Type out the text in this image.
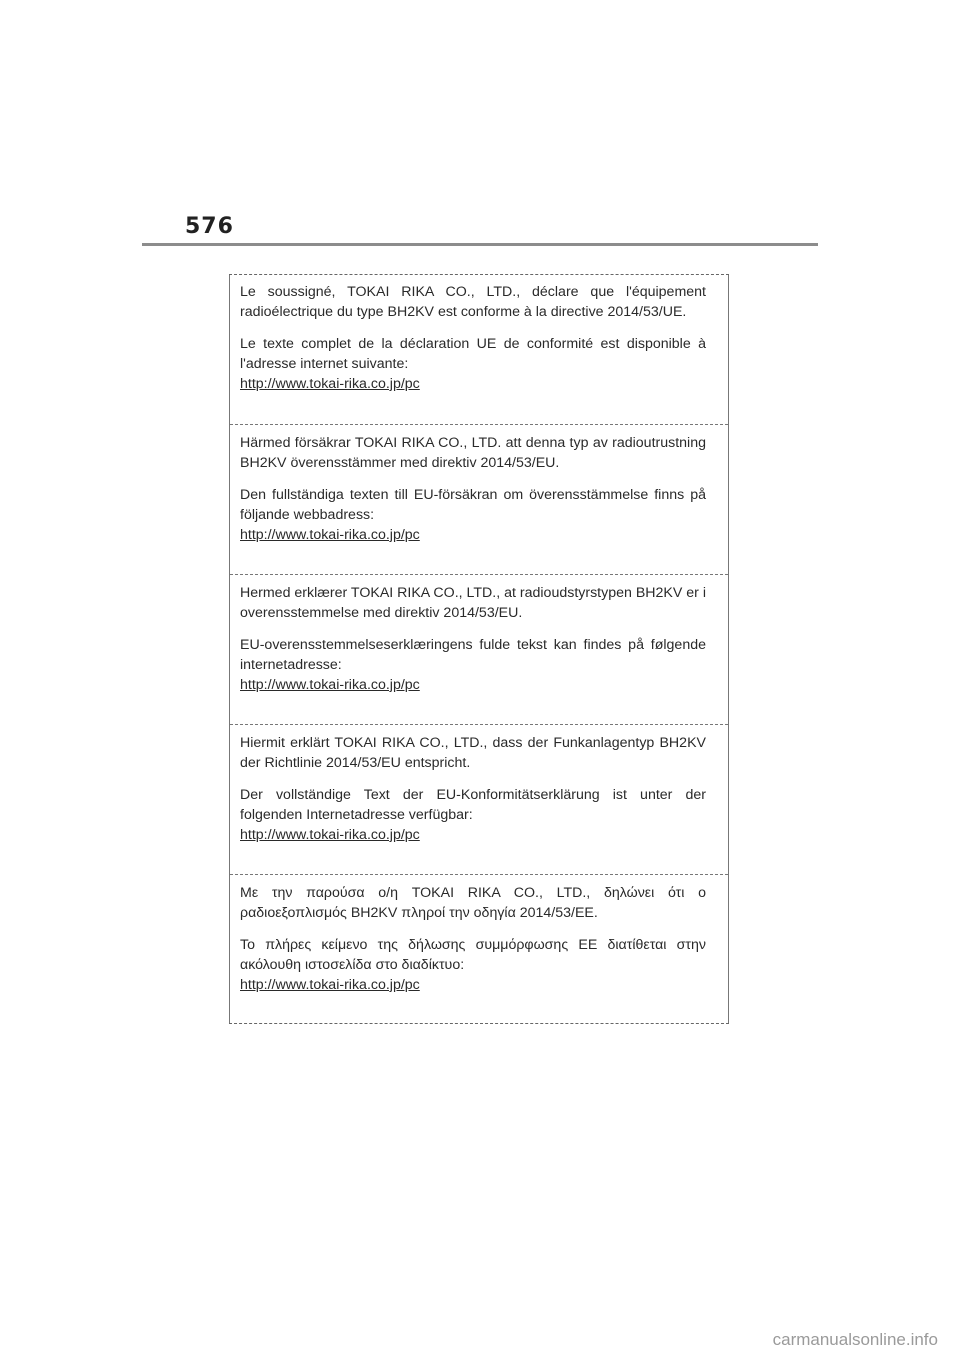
576

Le soussigné, TOKAI RIKA CO., LTD., déclare que l'équipement radioélectrique du type BH2KV est conforme à la directive 2014/53/UE.

Le texte complet de la déclaration UE de conformité est disponible à l'adresse internet suivante:

http://www.tokai-rika.co.jp/pc

Härmed försäkrar TOKAI RIKA CO., LTD. att denna typ av radioutrustning BH2KV överensstämmer med direktiv 2014/53/EU.

Den fullständiga texten till EU-försäkran om överensstämmelse finns på följande webbadress:

http://www.tokai-rika.co.jp/pc

Hermed erklærer TOKAI RIKA CO., LTD., at radioudstyrstypen BH2KV er i overensstemmelse med direktiv 2014/53/EU.

EU-overensstemmelseserklæringens fulde tekst kan findes på følgende internetadresse:

http://www.tokai-rika.co.jp/pc

Hiermit erklärt TOKAI RIKA CO., LTD., dass der Funkanlagentyp BH2KV der Richtlinie 2014/53/EU entspricht.

Der vollständige Text der EU-Konformitätserklärung ist unter der folgenden Internetadresse verfügbar:

http://www.tokai-rika.co.jp/pc

Με την παρούσα ο/η TOKAI RIKA CO., LTD., δηλώνει ότι ο ραδιοεξοπλισμός BH2KV πληροί την οδηγία 2014/53/ΕΕ.

Το πλήρες κείμενο της δήλωσης συμμόρφωσης ΕΕ διατίθεται στην ακόλουθη ιστοσελίδα στο διαδίκτυο:

http://www.tokai-rika.co.jp/pc
carmanualsonline.info
